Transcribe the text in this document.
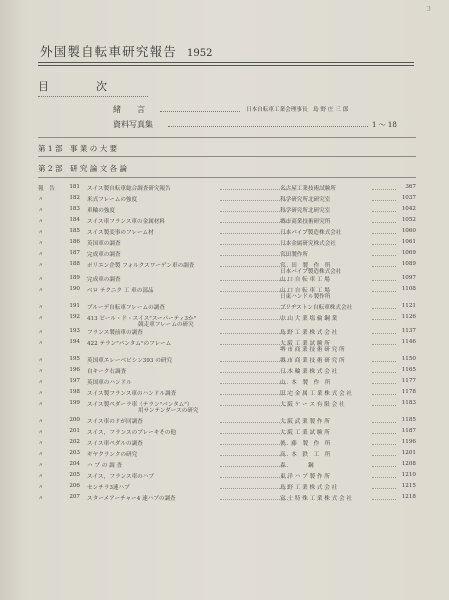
3
外国製自転車研究報告 1952
目	次
緒　　言	日本自転車工業会理事長　島 野 庄 三 郎
資料写真集	1 ～ 18
第 1 部　事 業 の 大 要
第 2 部　研 究 論 文 各 論
報　告	181 スイス製自転車総合調査研究報告	名古屋工業技術試験所	367
〃	182 米式フレームの強度	科学研究所北研究室	1037
〃	183 車輪の強度	科学研究所北研究室	1042
〃	184 スイス車フランス車の金属材料	堺市商業技術研究所	1052
〃	185 スイス製変事のフレーム材	日本パイプ製造株式会社	1060
〃	186 英国車の調査	日本金属研究株式会社	1061
〃	187 完成車の調査	宮田製作所	1069
〃	188 ポリエン企製 フォルクスワーゲン車の調査	宮　田　製　作　所	1089
日本パイプ製造株式会社
〃	189 完成車の調査	山 口 自 転 車 工 場	1097
〃	190 ベロ テクニク 工 車の部品	山 口 自 転 車 工 場	1108
日東ハンドル製作所
〃	191 プルーデ自転車フレームの調査	ブリヂストン自転車株式会社	1121
〃	192 413 ピール・ド・スイス"スーパーティ3か"	中 山 大 業 塩 倫 鋼 業	1126
競走車フレームの研究
〃	193 フランス製前車の調査	島 野 工 業 株 式 会 社	1137
〃	194 422 テラン"パンタム"のフレーム	大 阪 工 業 試 験 所	1146
堺 市 商 業 技 術 研 究 所
〃	195 英国車エレーベビシン393 の研究	堺 市 商 業 技 術 研 究 所	1150
〃	196 自キーク右調査	日 本 輪 業 株 式 会 社	1165
〃	197 英国車のハンドル	山　本　製　作　所	1177
〃	198 スイス製フランス車のハンドル調査	旧 宅 金 属 工 業 株 式 会 社	1178
〃	199 スイス製ペダーラ車（テラン"パンタム"）	大 阪 ケ ー ス 有 限 会 社	1183
用サンテンダースの研究
〃	200 スイス車のドが回調査	大 阪 武 業 製 作 所	1185
〃	201 スイス，フランスのブレーキその他	大 阪 工 業 試 験 所	1187
〃	202 スイス車ペダルの調査	後　藤　製　作　所	1196
〃	203 ギヤクランクの研究	高　本　鉄　工　所	1201
〃	204 ハ ブ の 調 査	森　　　　鋼	1208
〃	205 スイス，フランス車のハブ	東 洋 ハ ブ 製 作 所	1210
〃	206 センチラ3速ハブ	島 野 工 業 株 式 会 社	1215
〃	207 スターメアーチャー4 速ハブの調査	富 士 特 殊 工 業 株 式 会 社	1218
